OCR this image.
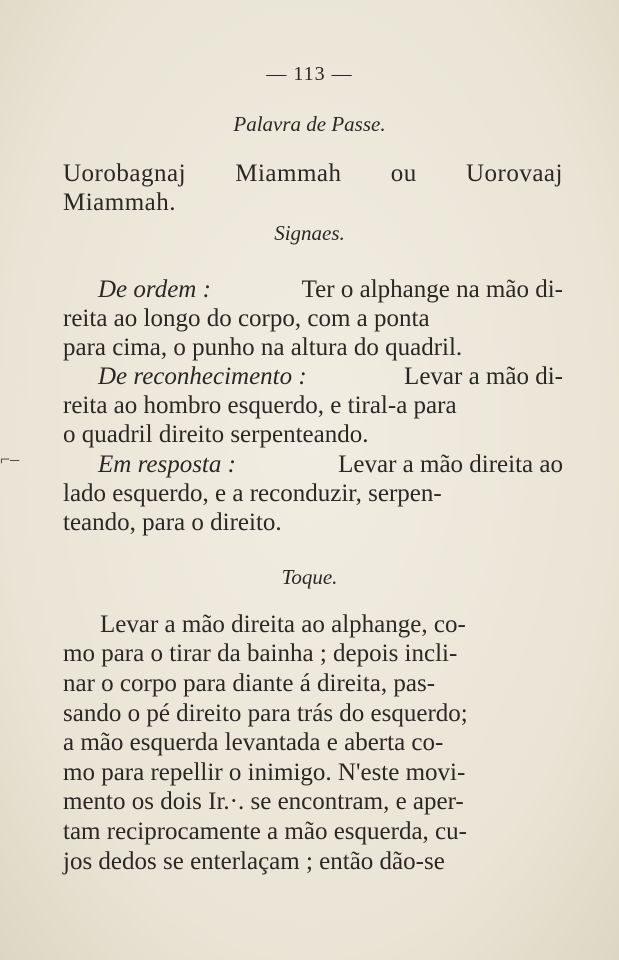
⌐–
— 113 —
Palavra de Passe.
Uorobagnaj Miammah ou Uorovaaj
Miammah.
Signaes.
De ordem :	Ter o alphange na mão di-
reita ao longo do corpo, com a ponta
para cima, o punho na altura do quadril.
De reconhecimento :	Levar a mão di-
reita ao hombro esquerdo, e tiral-a para
o quadril direito serpenteando.
Em resposta :	Levar a mão direita ao
lado esquerdo, e a reconduzir, serpen-
teando, para o direito.
Toque.
Levar a mão direita ao alphange, co-
mo para o tirar da bainha ; depois incli-
nar o corpo para diante á direita, pas-
sando o pé direito para trás do esquerdo;
a mão esquerda levantada e aberta co-
mo para repellir o inimigo. N'este movi-
mento os dois Ir.·. se encontram, e aper-
tam reciprocamente a mão esquerda, cu-
jos dedos se enterlaçam ; então dão-se
